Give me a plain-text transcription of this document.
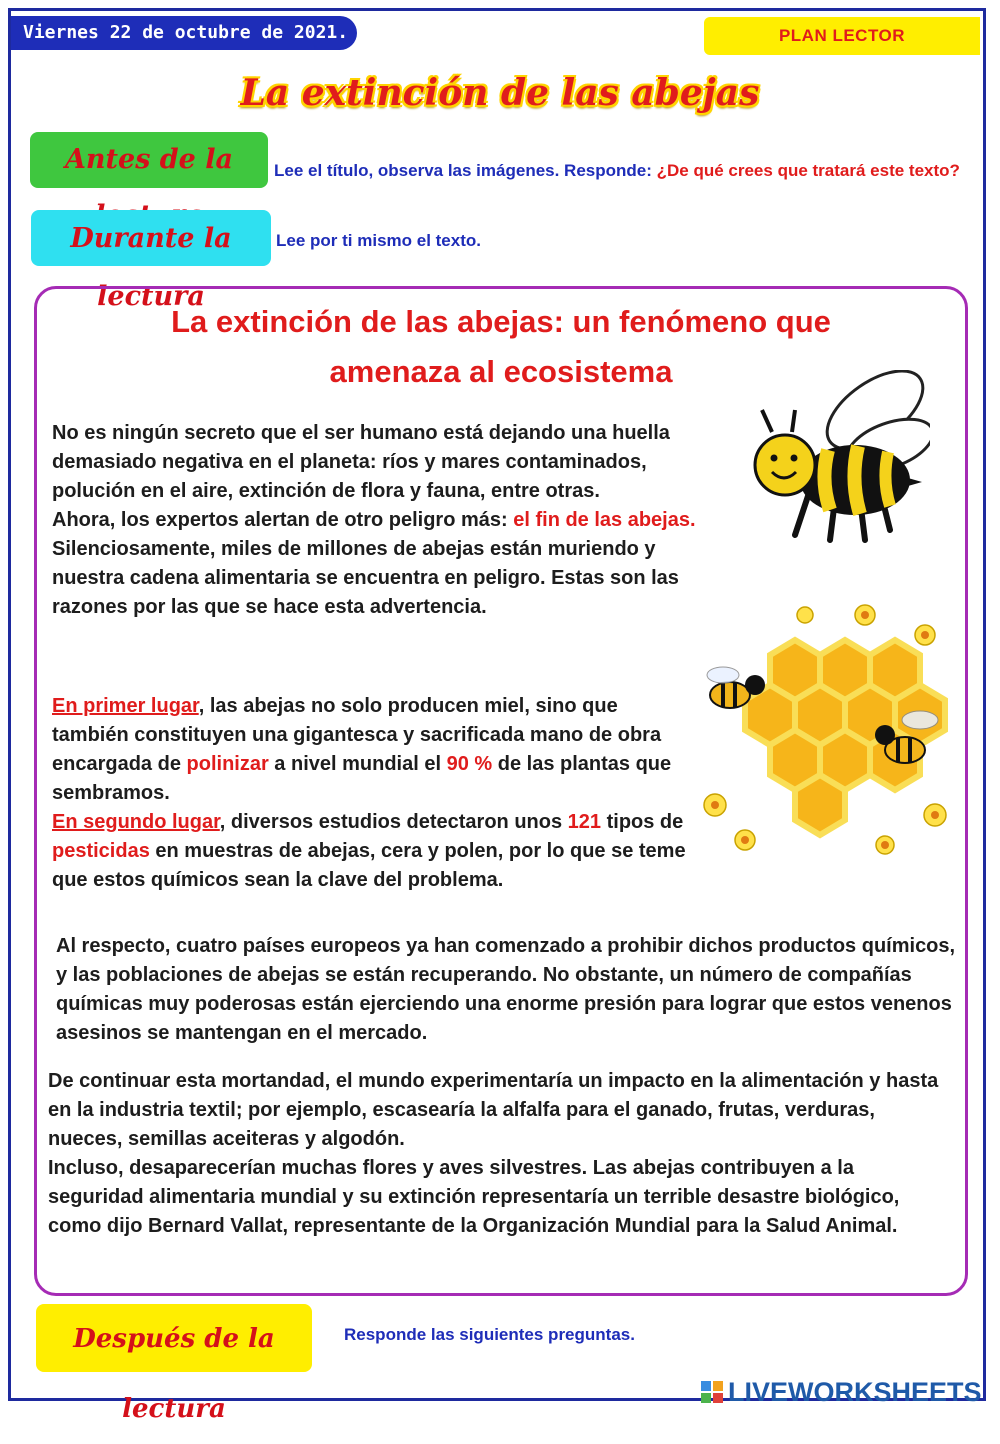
Viernes 22 de octubre de 2021.	PLAN LECTOR
La extinción de las abejas
Antes de la	Lee el título, observa las imágenes. Responde: ¿De qué crees que tratará este texto?
Durante la lectura
Lee por ti mismo el texto.
La extinción de las abejas: un fenómeno que
amenaza al ecosistema

No es ningún secreto que el ser humano está dejando una huella demasiado negativa en el planeta: ríos y mares contaminados, polución en el aire, extinción de flora y fauna, entre otras.
Ahora, los expertos alertan de otro peligro más: el fin de las abejas. Silenciosamente, miles de millones de abejas están muriendo y nuestra cadena alimentaria se encuentra en peligro. Estas son las razones por las que se hace esta advertencia.

En primer lugar, las abejas no solo producen miel, sino que también constituyen una gigantesca y sacrificada mano de obra encargada de polinizar a nivel mundial el 90 % de las plantas que sembramos.
En segundo lugar, diversos estudios detectaron unos 121 tipos de pesticidas en muestras de abejas, cera y polen, por lo que se teme que estos químicos sean la clave del problema.

Al respecto, cuatro países europeos ya han comenzado a prohibir dichos productos químicos, y las poblaciones de abejas se están recuperando. No obstante, un número de compañías químicas muy poderosas están ejerciendo una enorme presión para lograr que estos venenos asesinos se mantengan en el mercado.

De continuar esta mortandad, el mundo experimentaría un impacto en la alimentación y hasta en la industria textil; por ejemplo, escasearía la alfalfa para el ganado, frutas, verduras, nueces, semillas aceiteras y algodón.
Incluso, desaparecerían muchas flores y aves silvestres. Las abejas contribuyen a la seguridad alimentaria mundial y su extinción representaría un terrible desastre biológico, como dijo Bernard Vallat, representante de la Organización Mundial para la Salud Animal.

Después de la lectura
Responde las siguientes preguntas.
LIVEWORKSHEETS
